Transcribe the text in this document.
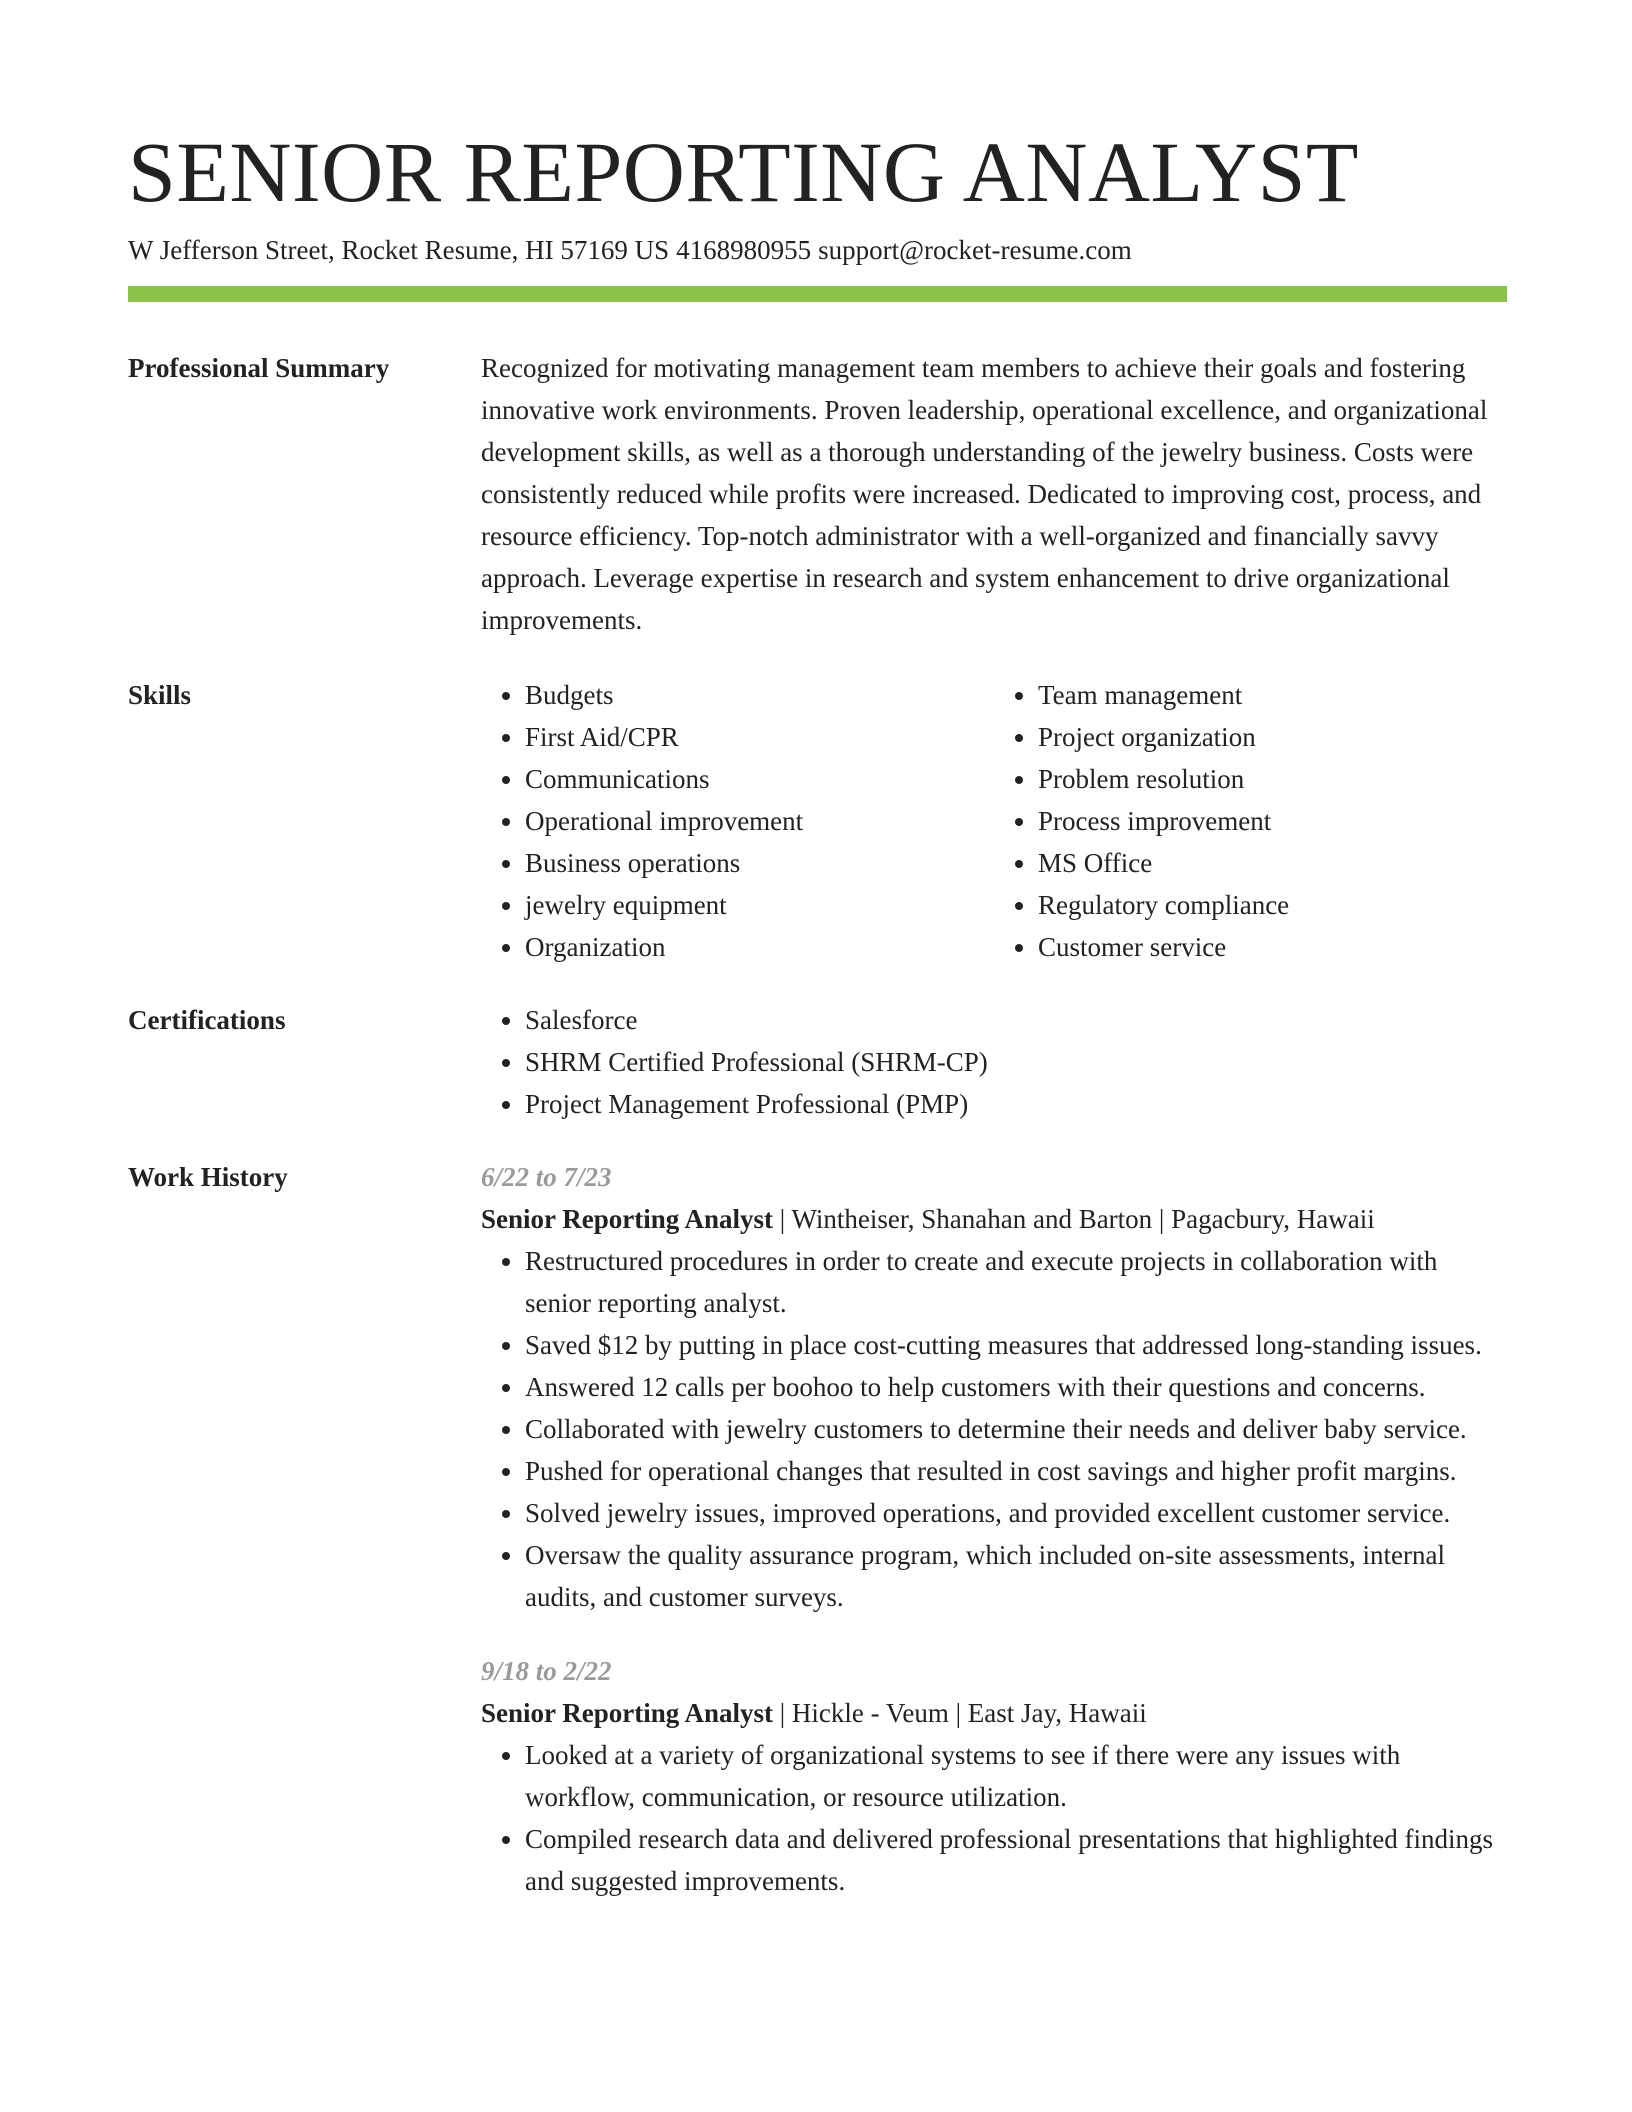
SENIOR REPORTING ANALYST
W Jefferson Street, Rocket Resume, HI 57169 US 4168980955 support@rocket-resume.com
Professional Summary	Recognized for motivating management team members to achieve their goals and fostering innovative work environments. Proven leadership, operational excellence, and organizational development skills, as well as a thorough understanding of the jewelry business. Costs were consistently reduced while profits were increased. Dedicated to improving cost, process, and resource efficiency. Top-notch administrator with a well-organized and financially savvy approach. Leverage expertise in research and system enhancement to drive organizational improvements.

Skills	• Budgets
• First Aid/CPR
• Communications
• Operational improvement
• Business operations
• jewelry equipment
• Organization
• Team management
• Project organization
• Problem resolution
• Process improvement
• MS Office
• Regulatory compliance
• Customer service
Certifications	• Salesforce
• SHRM Certified Professional (SHRM-CP)
• Project Management Professional (PMP)
Work History	6/22 to 7/23
Senior Reporting Analyst | Wintheiser, Shanahan and Barton | Pagacbury, Hawaii
• Restructured procedures in order to create and execute projects in collaboration with senior reporting analyst.
• Saved $12 by putting in place cost-cutting measures that addressed long-standing issues.
• Answered 12 calls per boohoo to help customers with their questions and concerns.
• Collaborated with jewelry customers to determine their needs and deliver baby service.
• Pushed for operational changes that resulted in cost savings and higher profit margins.
• Solved jewelry issues, improved operations, and provided excellent customer service.
• Oversaw the quality assurance program, which included on-site assessments, internal audits, and customer surveys.
9/18 to 2/22
Senior Reporting Analyst | Hickle - Veum | East Jay, Hawaii
• Looked at a variety of organizational systems to see if there were any issues with workflow, communication, or resource utilization.
• Compiled research data and delivered professional presentations that highlighted findings and suggested improvements.
